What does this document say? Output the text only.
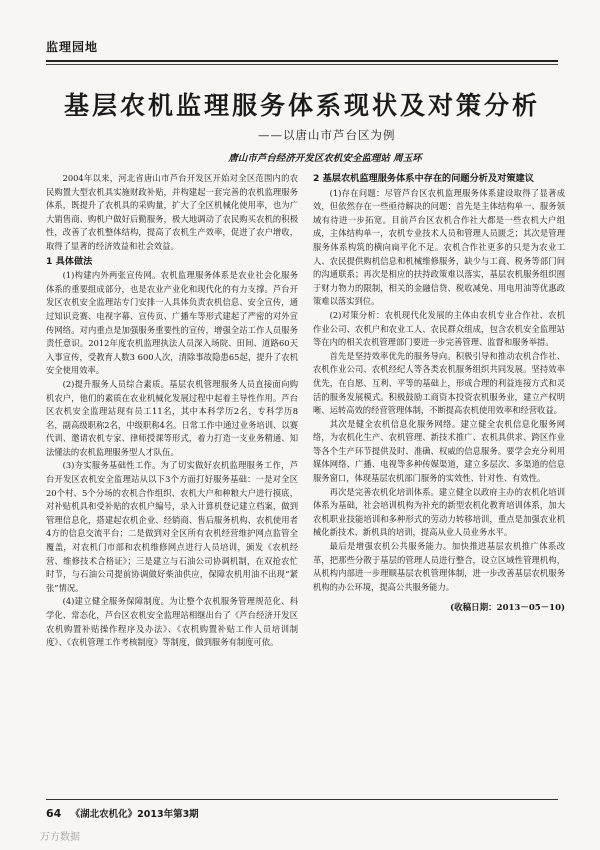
监理园地
基层农机监理服务体系现状及对策分析
——以唐山市芦台区为例
唐山市芦台经济开发区农机安全监理站 周玉环

2004年以来，河北省唐山市芦台开发区开始对全区范围内的农民购置大型农机具实施财政补贴，并构建起一套完善的农机监理服务体系，既提升了农机具的采购量，扩大了全区机械化使用率，也为广大销售商、购机户做好后勤服务，极大地调动了农民购买农机的积极性，改善了农机整体结构，提高了农机生产效率，促进了农户增收，取得了显著的经济效益和社会效益。

1 具体做法

(1)构建内外两张宣传网。农机监理服务体系是农业社会化服务体系的重要组成部分，也是农业产业化和现代化的有力支撑。芦台开发区农机安全监理站专门安排一人具体负责农机信息、安全宣传，通过知识竞赛、电视字幕、宣传页、广播车等形式建起了严密的对外宣传网络。对内重点是加强服务重要性的宣传，增强全站工作人员服务责任意识。2012年度农机监理执法人员深入场院、田间、道路60天入事宣传，受教育人数3 600人次，清除事故隐患65起，提升了农机安全使用效率。

(2)提升服务人员综合素质。基层农机管理服务人员直接面向购机农户，他们的素质在农业机械化发展过程中起着主导性作用。芦台区农机安全监理站现有员工11名，其中本科学历2名，专科学历8名，副高级职称2名，中级职称4名。日常工作中通过业务培训、以赛代训、邀请农机专家、律师授课等形式，着力打造一支业务精通、知法懂法的农机监理服务型人才队伍。

(3)夯实服务基础性工作。为了切实做好农机监理服务工作，芦台开发区农机安全监理站从以下3个方面打好服务基础：一是对全区20个村、5个分场的农机合作组织、农机大户和种粮大户进行摸底，对补贴机具和受补贴的农机户编号，录入计算机登记建立档案，做到管理信息化，搭建起农机企业、经销商、售后服务机构、农机使用者4方的信息交流平台；二是做到对全区所有农机经营维护网点监管全覆盖，对农机门市部和农机维修网点进行人员培训，颁发《农机经营、维修技术合格证》；三是建立与石油公司协调机制，在双抢农忙时节，与石油公司提前协调做好柴油供应，保障农机用油不出现“紧张”情况。

(4)建立健全服务保障制度。为让整个农机服务管理规范化、科学化、常态化，芦台区农机安全监理站相继出台了《芦台经济开发区农机购置补贴操作程序及办法》、《农机购置补贴工作人员培训制度》、《农机管理工作考核制度》等制度，做到服务有制度可依。

2 基层农机监理服务体系中存在的问题分析及对策建议

(1)存在问题：尽管芦台区农机监理服务体系建设取得了显著成效，但依然存在一些亟待解决的问题：首先是主体结构单一、服务领域有待进一步拓宽。目前芦台区农机合作社大都是一些农机大户组成，主体结构单一，农机专业技术人员和管理人员匮乏；其次是管理服务体系构筑的横向扁平化不足。农机合作社更多的只是为农业工人、农民提供购机信息和机械维修服务，缺少与工商、税务等部门间的沟通联系；再次是相应的扶持政策难以落实，基层农机服务组织囿于财力物力的限制，相关的金融信贷、税收减免、用电用油等优惠政策难以落实到位。

(2)对策分析：农机现代化发展的主体由农机专业合作社、农机作业公司、农机户和农业工人、农民群众组成，包含农机安全监理站等在内的相关农机管理部门要进一步完善管理、监督和服务举措。

首先是坚持效率优先的服务导向。积极引导和推动农机合作社、农机作业公司、农机经纪人等各类农机服务组织共同发展。坚持效率优先，在自愿、互利、平等的基础上，形成合理的利益连接方式和灵活的服务发展模式。积极鼓励工商资本投资农机服务业，建立产权明晰、运转高效的经营管理体制，不断提高农机使用效率和经营收益。

其次是健全农机信息化服务网络。建立健全农机信息化服务网络，为农机化生产、农机管理、新技术推广、农机具供求、跨区作业等各个生产环节提供及时、准确、权威的信息服务。要学会充分利用媒体网络、广播、电视等多种传媒渠道，建立多层次、多渠道的信息服务窗口，体现基层农机部门服务的实效性、针对性、有效性。

再次是完善农机化培训体系。建立健全以政府主办的农机化培训体系为基础，社会培训机构为补充的新型农机化教育培训体系，加大农机职业技能培训和多种形式的劳动力转移培训，重点是加强农业机械化新技术、新机具的培训，提高从业人员业务水平。

最后是增强农机公共服务能力。加快推进基层农机推广体系改革，把那些分散于基层的管理人员进行整合，设立区域性管理机构，从机构内部进一步理顺基层农机管理体制，进一步改善基层农机服务机构的办公环境，提高公共服务能力。

(收稿日期：2013－05－10)
64 《湖北农机化》2013年第3期
万方数据
